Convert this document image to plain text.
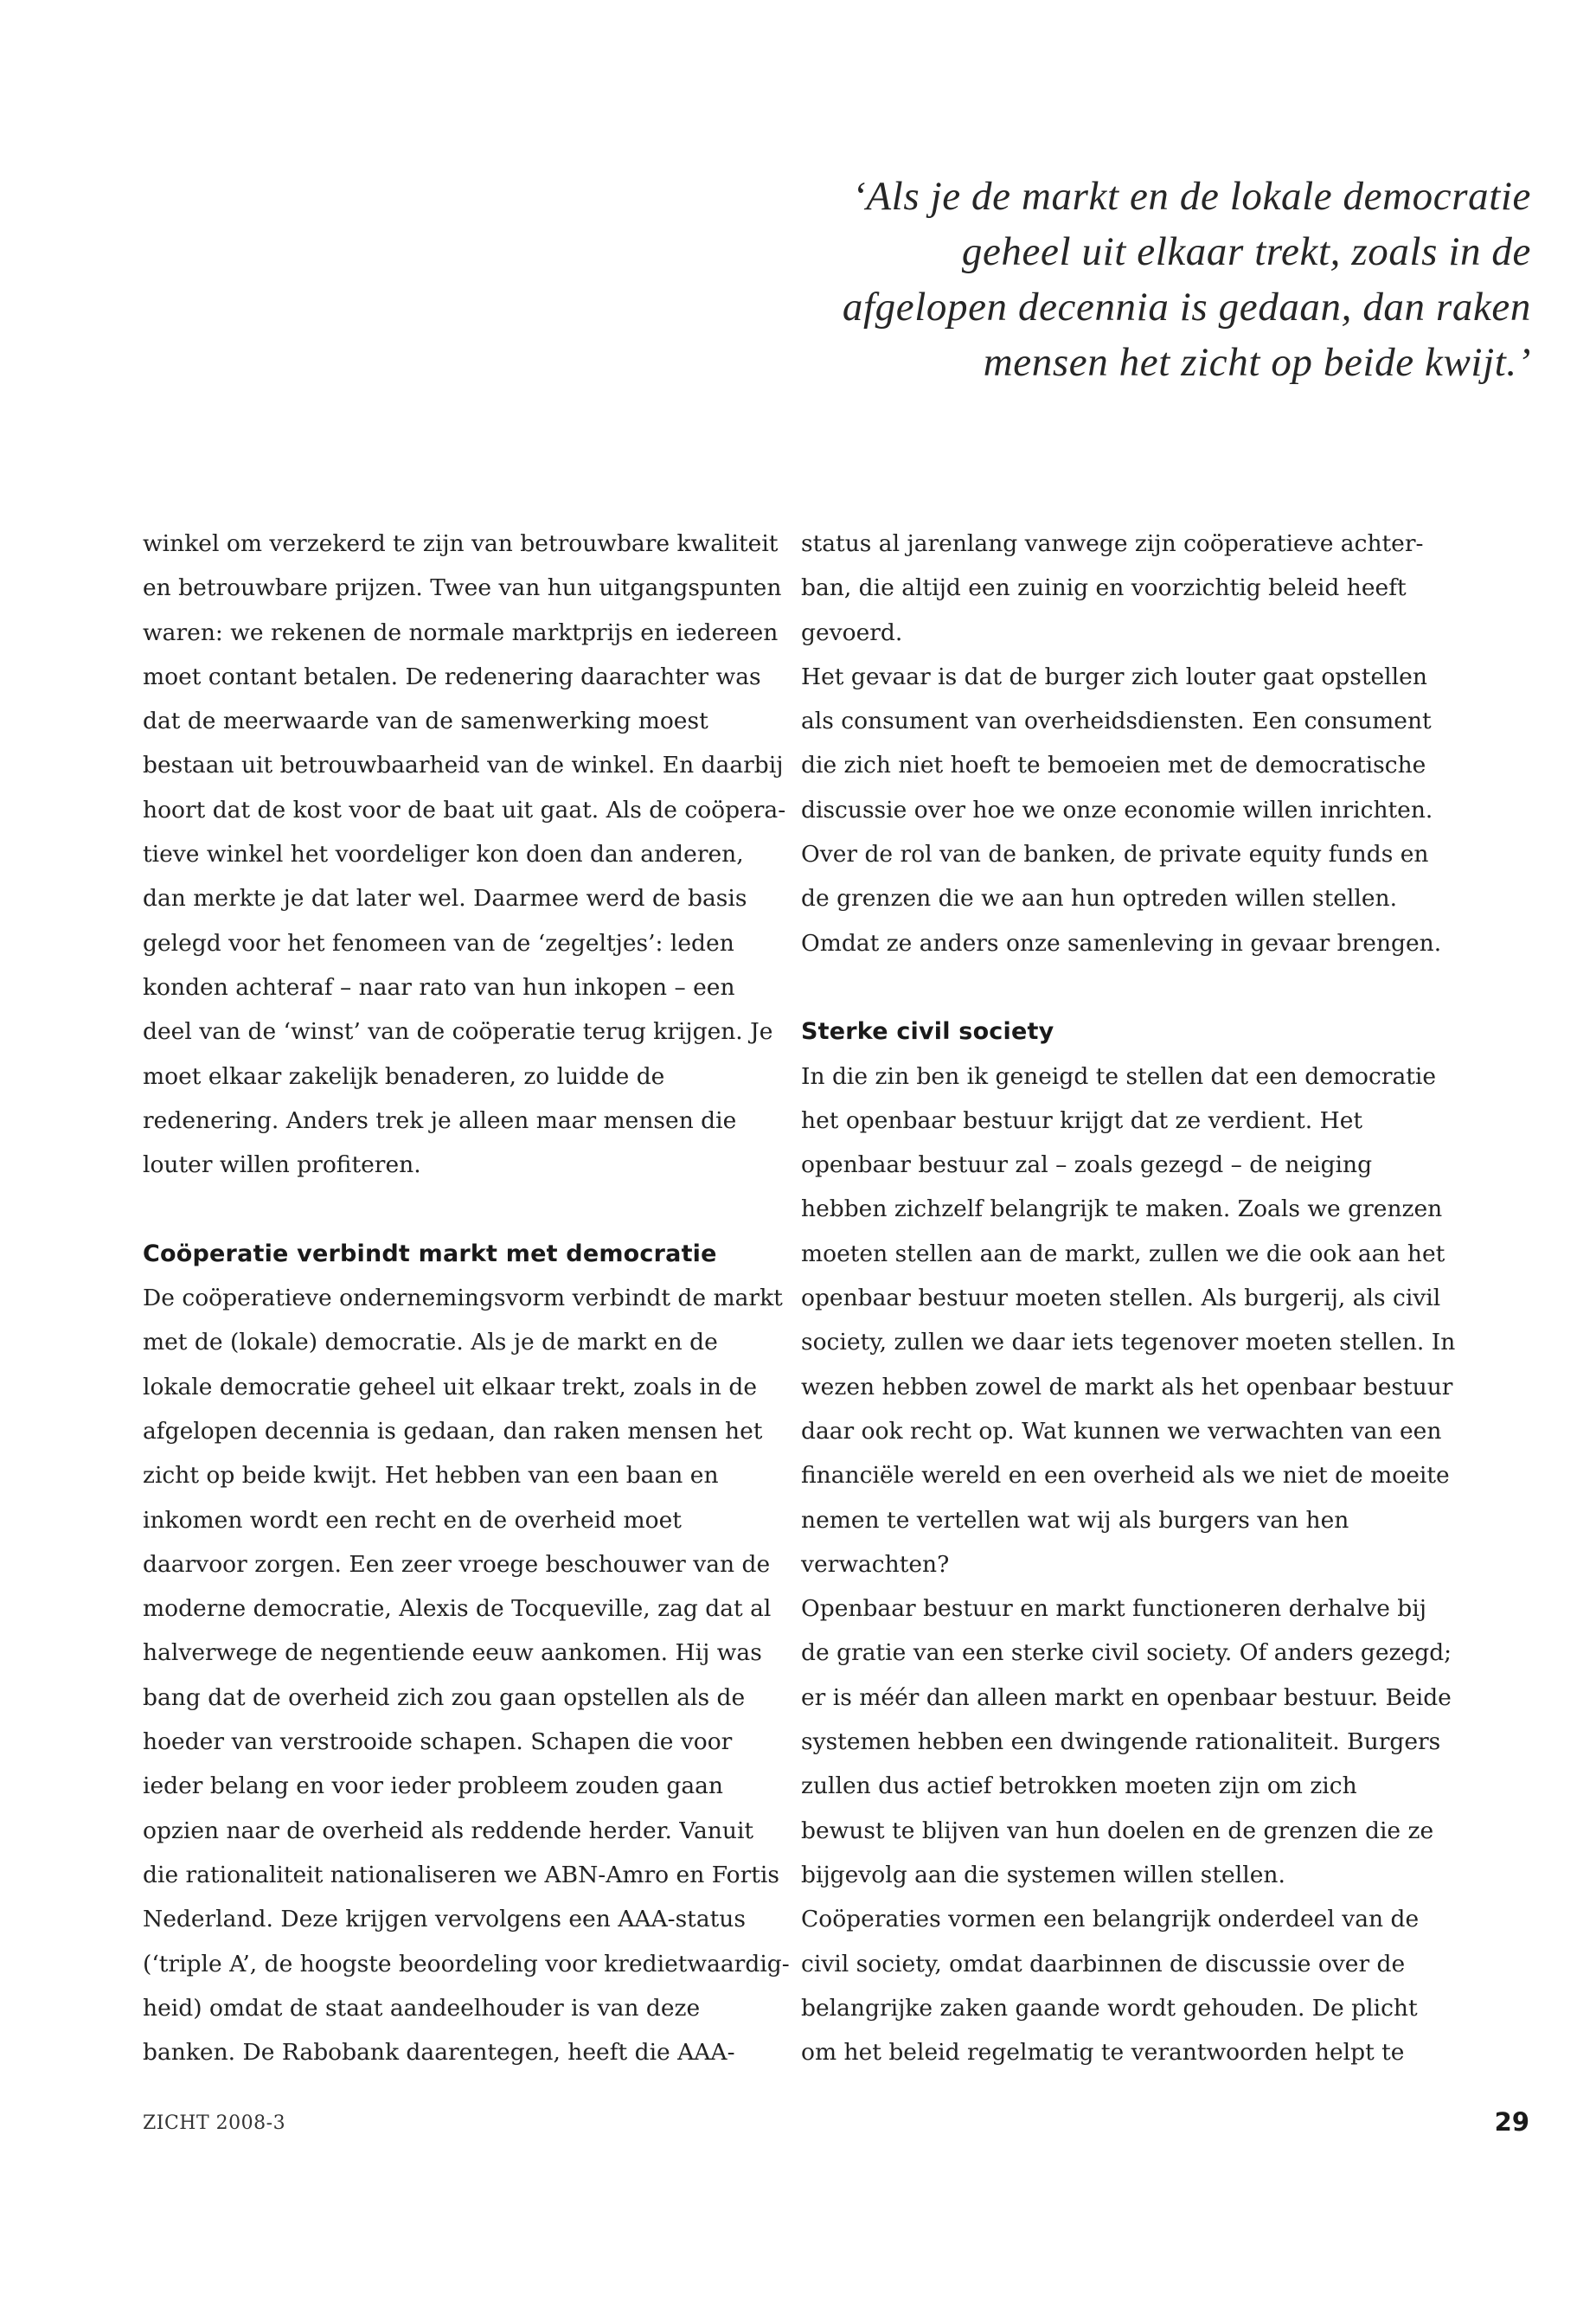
‘Als je de markt en de lokale democratie
geheel uit elkaar trekt, zoals in de
afgelopen decennia is gedaan, dan raken
mensen het zicht op beide kwijt.’
winkel om verzekerd te zijn van betrouwbare kwaliteit
en betrouwbare prijzen. Twee van hun uitgangspunten
waren: we rekenen de normale marktprijs en iedereen
moet contant betalen. De redenering daarachter was
dat de meerwaarde van de samenwerking moest
bestaan uit betrouwbaarheid van de winkel. En daarbij
hoort dat de kost voor de baat uit gaat. Als de coöpera-
tieve winkel het voordeliger kon doen dan anderen,
dan merkte je dat later wel. Daarmee werd de basis
gelegd voor het fenomeen van de ‘zegeltjes’: leden
konden achteraf – naar rato van hun inkopen – een
deel van de ‘winst’ van de coöperatie terug krijgen. Je
moet elkaar zakelijk benaderen, zo luidde de
redenering. Anders trek je alleen maar mensen die
louter willen profiteren.
Coöperatie verbindt markt met democratie
De coöperatieve ondernemingsvorm verbindt de markt
met de (lokale) democratie. Als je de markt en de
lokale democratie geheel uit elkaar trekt, zoals in de
afgelopen decennia is gedaan, dan raken mensen het
zicht op beide kwijt. Het hebben van een baan en
inkomen wordt een recht en de overheid moet
daarvoor zorgen. Een zeer vroege beschouwer van de
moderne democratie, Alexis de Tocqueville, zag dat al
halverwege de negentiende eeuw aankomen. Hij was
bang dat de overheid zich zou gaan opstellen als de
hoeder van verstrooide schapen. Schapen die voor
ieder belang en voor ieder probleem zouden gaan
opzien naar de overheid als reddende herder. Vanuit
die rationaliteit nationaliseren we ABN-Amro en Fortis
Nederland. Deze krijgen vervolgens een AAA-status
(‘triple A’, de hoogste beoordeling voor kredietwaardig-
heid) omdat de staat aandeelhouder is van deze
banken. De Rabobank daarentegen, heeft die AAA-
status al jarenlang vanwege zijn coöperatieve achter-
ban, die altijd een zuinig en voorzichtig beleid heeft
gevoerd.
Het gevaar is dat de burger zich louter gaat opstellen
als consument van overheidsdiensten. Een consument
die zich niet hoeft te bemoeien met de democratische
discussie over hoe we onze economie willen inrichten.
Over de rol van de banken, de private equity funds en
de grenzen die we aan hun optreden willen stellen.
Omdat ze anders onze samenleving in gevaar brengen.
Sterke civil society
In die zin ben ik geneigd te stellen dat een democratie
het openbaar bestuur krijgt dat ze verdient. Het
openbaar bestuur zal – zoals gezegd – de neiging
hebben zichzelf belangrijk te maken. Zoals we grenzen
moeten stellen aan de markt, zullen we die ook aan het
openbaar bestuur moeten stellen. Als burgerij, als civil
society, zullen we daar iets tegenover moeten stellen. In
wezen hebben zowel de markt als het openbaar bestuur
daar ook recht op. Wat kunnen we verwachten van een
financiële wereld en een overheid als we niet de moeite
nemen te vertellen wat wij als burgers van hen
verwachten?
Openbaar bestuur en markt functioneren derhalve bij
de gratie van een sterke civil society. Of anders gezegd;
er is méér dan alleen markt en openbaar bestuur. Beide
systemen hebben een dwingende rationaliteit. Burgers
zullen dus actief betrokken moeten zijn om zich
bewust te blijven van hun doelen en de grenzen die ze
bijgevolg aan die systemen willen stellen.
Coöperaties vormen een belangrijk onderdeel van de
civil society, omdat daarbinnen de discussie over de
belangrijke zaken gaande wordt gehouden. De plicht
om het beleid regelmatig te verantwoorden helpt te
ZICHT 2008-3	29
